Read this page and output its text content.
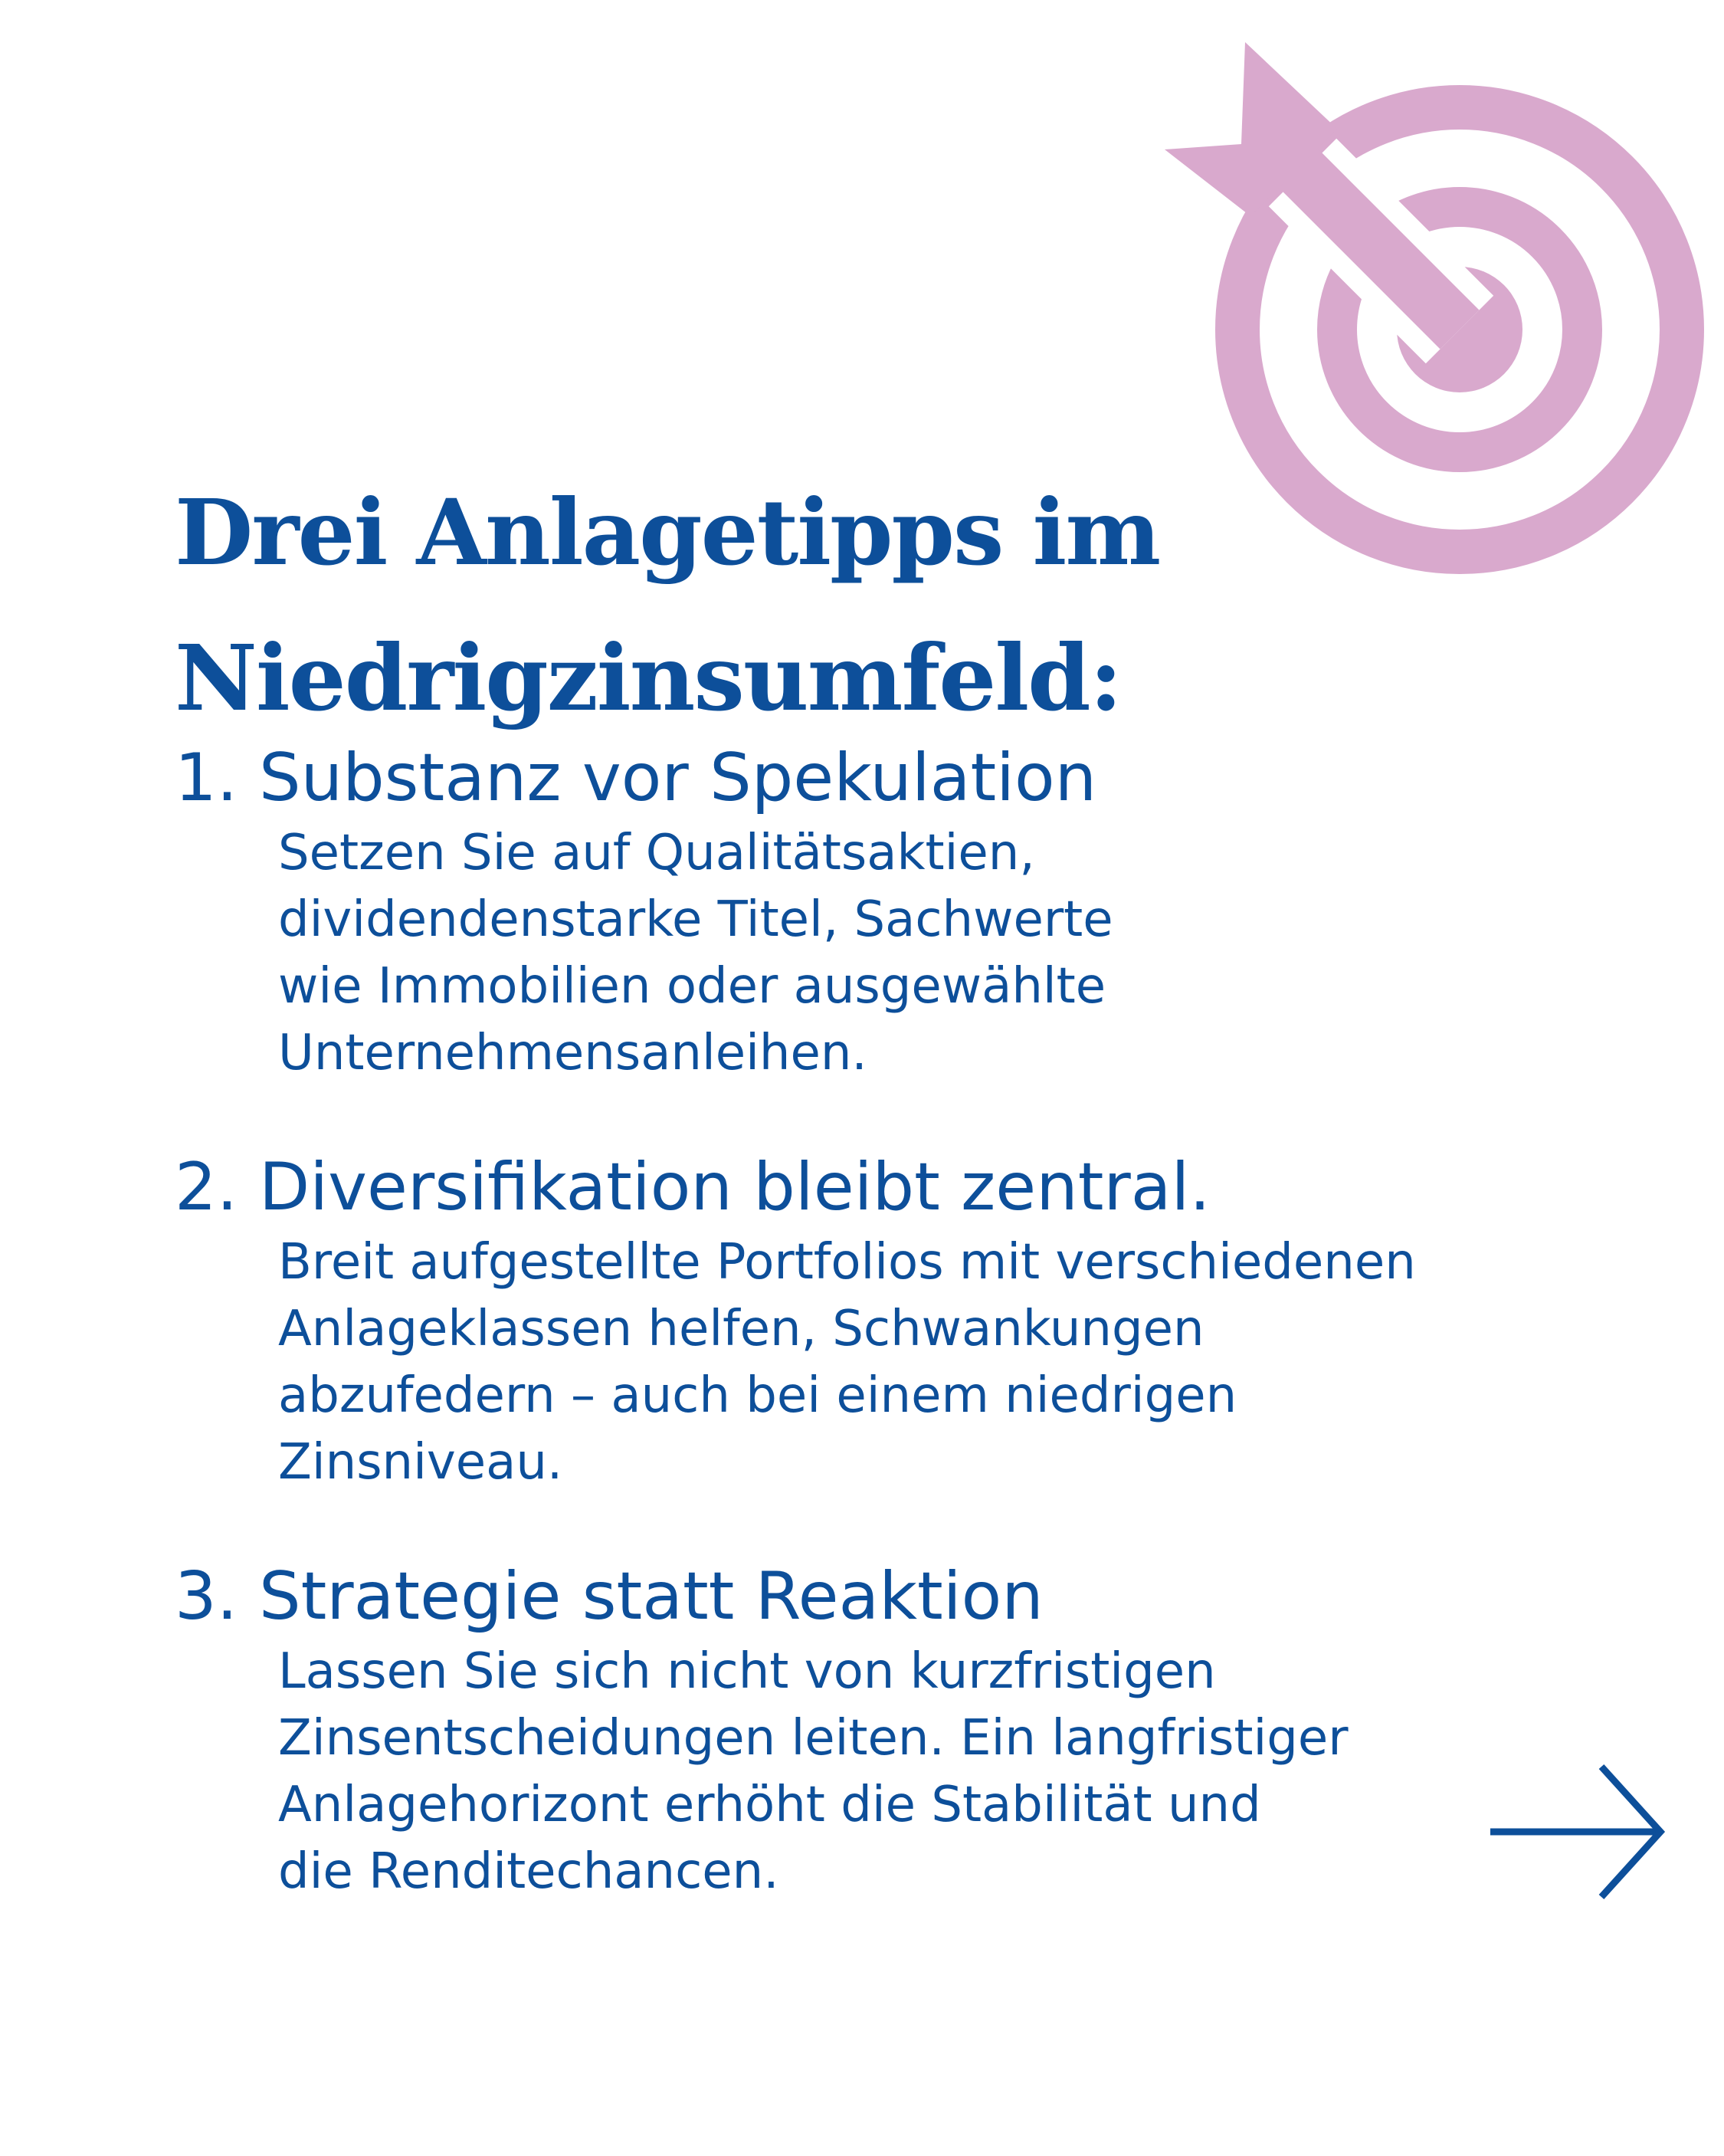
Drei Anlagetipps im
Niedrigzinsumfeld:
1. Substanz vor Spekulation
Setzen Sie auf Qualitätsaktien,
dividendenstarke Titel, Sachwerte
wie Immobilien oder ausgewählte
Unternehmensanleihen.
2. Diversifikation bleibt zentral.
Breit aufgestellte Portfolios mit verschiedenen
Anlageklassen helfen, Schwankungen
abzufedern – auch bei einem niedrigen
Zinsniveau.
3. Strategie statt Reaktion
Lassen Sie sich nicht von kurzfristigen
Zinsentscheidungen leiten. Ein langfristiger
Anlagehorizont erhöht die Stabilität und
die Renditechancen.
